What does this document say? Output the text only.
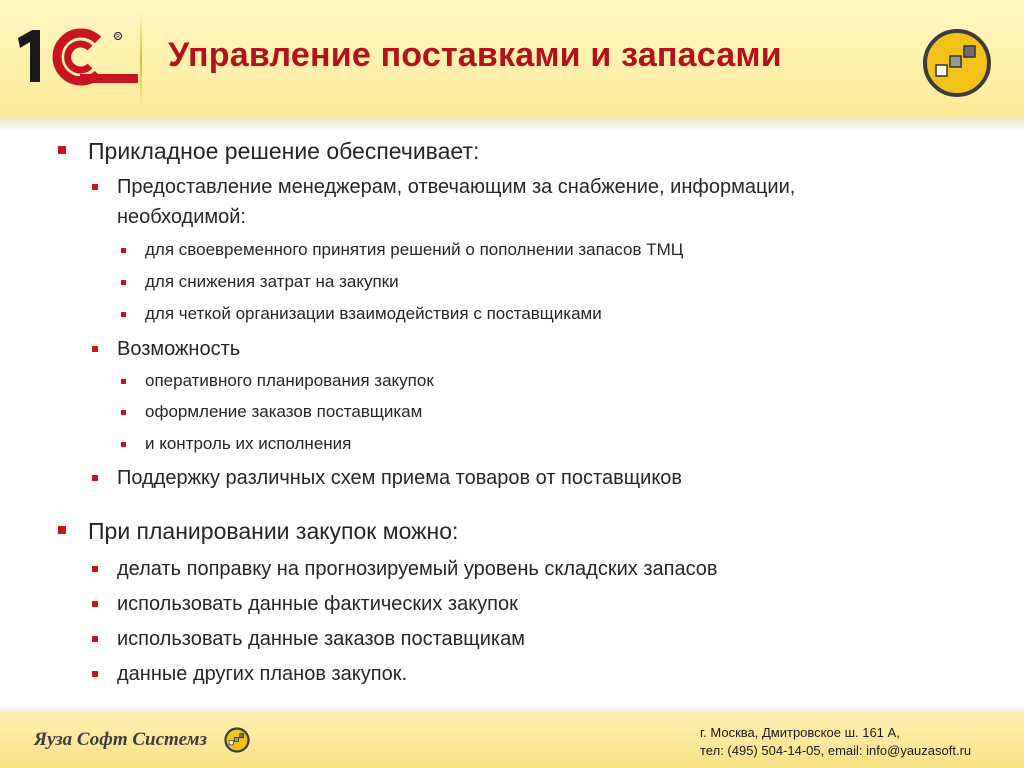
R Управление поставками и запасами
Прикладное решение обеспечивает:
Предоставление менеджерам, отвечающим за снабжение, информации,
необходимой:
для своевременного принятия решений о пополнении запасов ТМЦ
для снижения затрат на закупки
для четкой организации взаимодействия с поставщиками
Возможность
оперативного планирования закупок
оформление заказов поставщикам
и контроль их исполнения
Поддержку различных схем приема товаров от поставщиков
При планировании закупок можно:
делать поправку на прогнозируемый уровень складских запасов
использовать данные фактических закупок
использовать данные заказов поставщикам
данные других планов закупок.
Яуза Софт Системз	г. Москва, Дмитровское ш. 161 А,
тел: (495) 504-14-05, email: info@yauzasoft.ru
